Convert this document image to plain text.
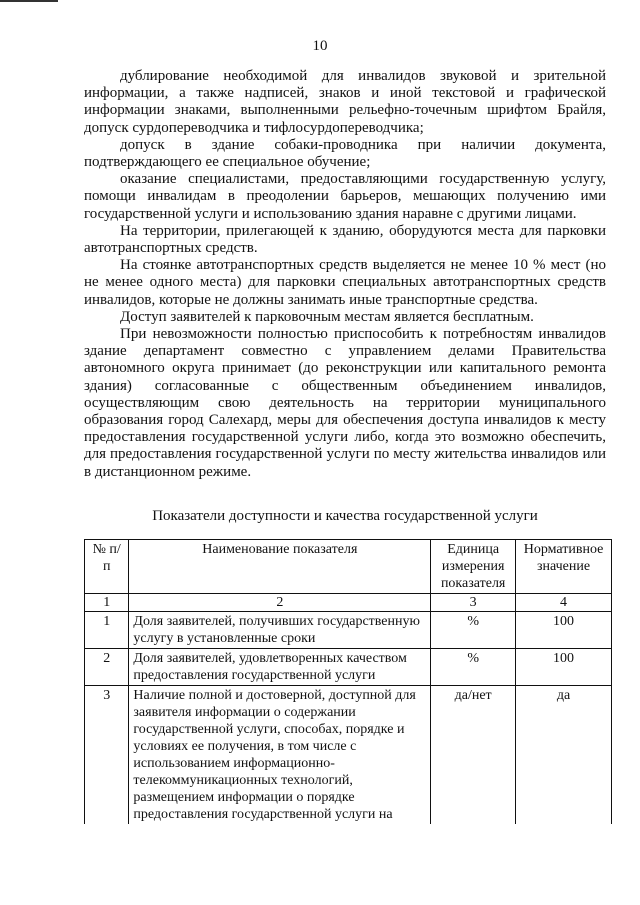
10

дублирование необходимой для инвалидов звуковой и зрительной информации, а также надписей, знаков и иной текстовой и графической информации знаками, выполненными рельефно-точечным шрифтом Брайля, допуск сурдопереводчика и тифлосурдопереводчика;

допуск в здание собаки-проводника при наличии документа, подтверждающего ее специальное обучение;

оказание специалистами, предоставляющими государственную услугу, помощи инвалидам в преодолении барьеров, мешающих получению ими государственной услуги и использованию здания наравне с другими лицами.

На территории, прилегающей к зданию, оборудуются места для парковки автотранспортных средств.

На стоянке автотранспортных средств выделяется не менее 10 % мест (но не менее одного места) для парковки специальных автотранспортных средств инвалидов, которые не должны занимать иные транспортные средства.

Доступ заявителей к парковочным местам является бесплатным.

При невозможности полностью приспособить к потребностям инвалидов здание департамент совместно с управлением делами Правительства автономного округа принимает (до реконструкции или капитального ремонта здания) согласованные с общественным объединением инвалидов, осуществляющим свою деятельность на территории муниципального образования город Салехард, меры для обеспечения доступа инвалидов к месту предоставления государственной услуги либо, когда это возможно обеспечить, для предоставления государственной услуги по месту жительства инвалидов или в дистанционном режиме.

Показатели доступности и качества государственной услуги
№ п/п	Наименование показателя	Единица измерения показателя	Нормативное значение
1	2	3	4
1	Доля заявителей, получивших государственную услугу в установленные сроки	%	100
2	Доля заявителей, удовлетворенных качеством предоставления государственной услуги	%	100
3	Наличие полной и достоверной, доступной для заявителя информации о содержании государственной услуги, способах, порядке и условиях ее получения, в том числе с использованием информационно-телекоммуникационных технологий, размещением информации о порядке предоставления государственной услуги на	да/нет	да
